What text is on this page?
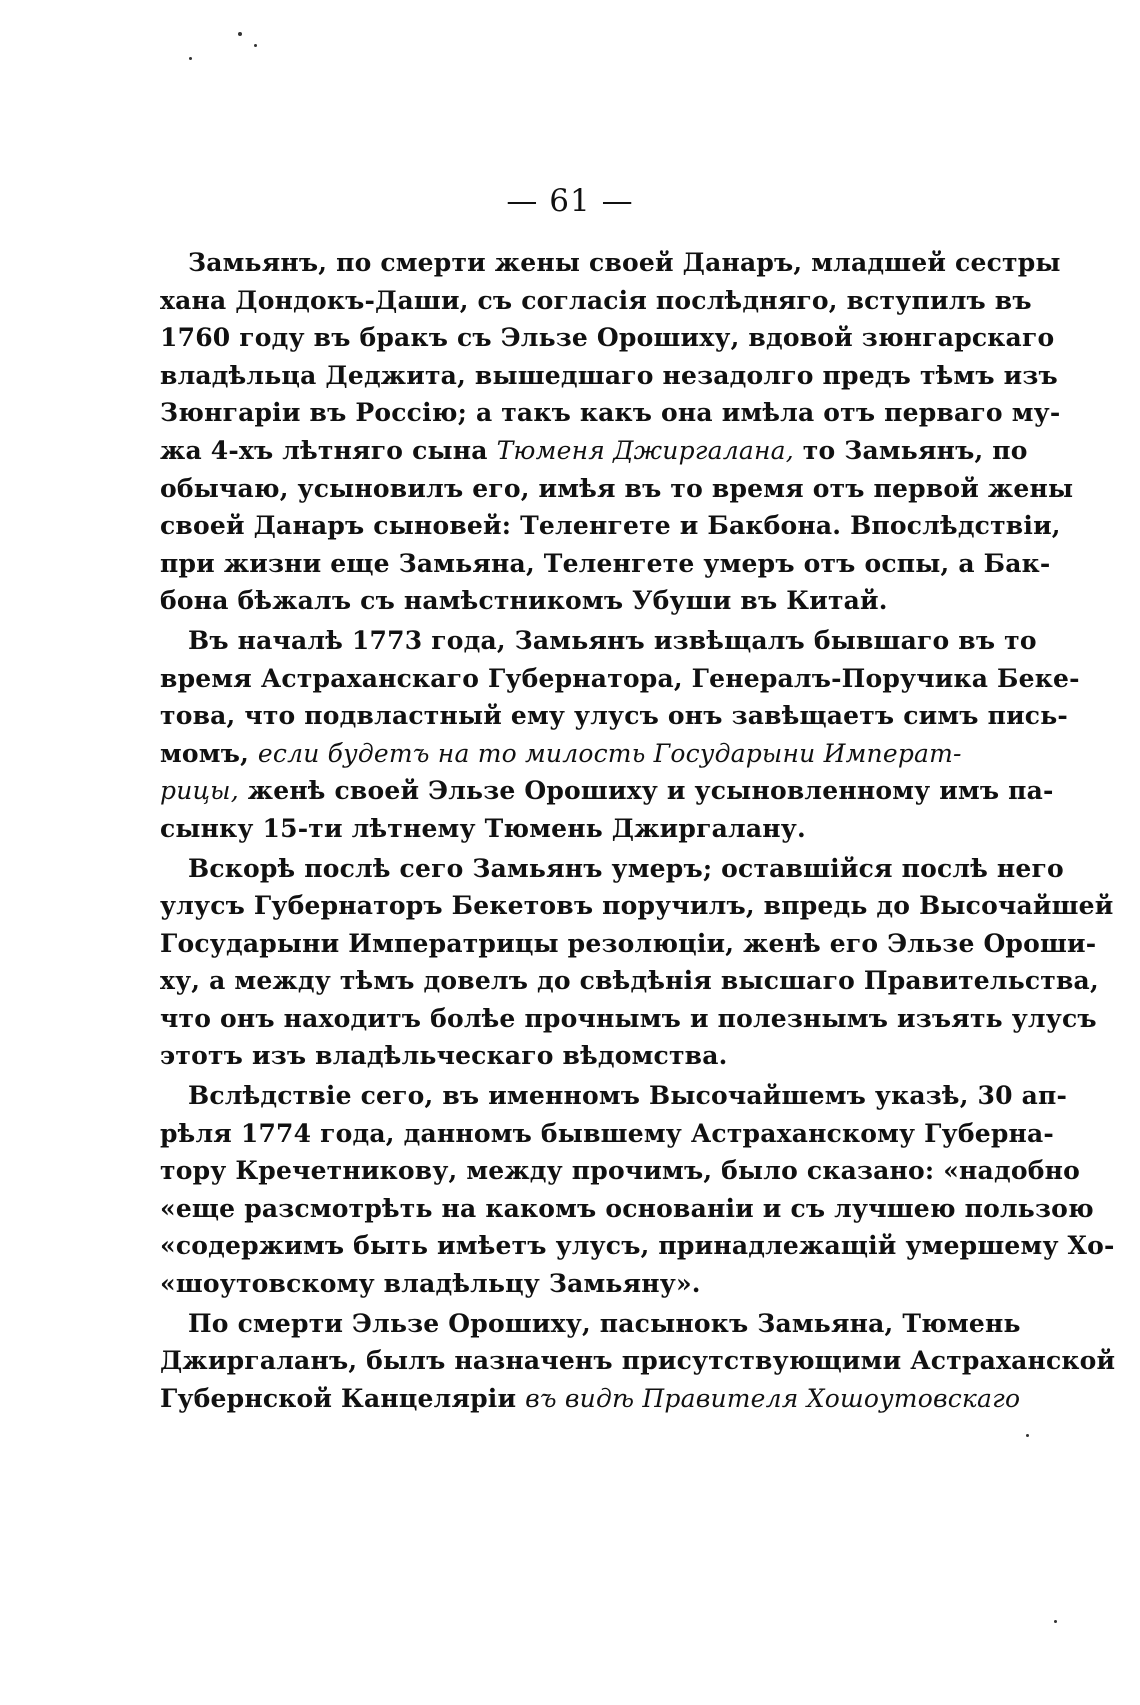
— 61 —
Замьянъ, по смерти жены своей Данаръ, младшей сестры
хана Дондокъ-Даши, съ согласія послѣдняго, вступилъ въ
1760 году въ бракъ съ Эльзе Орошиху, вдовой зюнгарскаго
владѣльца Деджита, вышедшаго незадолго предъ тѣмъ изъ
Зюнгаріи въ Россію; а такъ какъ она имѣла отъ перваго му-
жа 4-хъ лѣтняго сына Тюменя Джиргалана, то Замьянъ, по
обычаю, усыновилъ его, имѣя въ то время отъ первой жены
своей Данаръ сыновей: Теленгете и Бакбона. Впослѣдствіи,
при жизни еще Замьяна, Теленгете умеръ отъ оспы, а Бак-
бона бѣжалъ съ намѣстникомъ Убуши въ Китай.
Въ началѣ 1773 года, Замьянъ извѣщалъ бывшаго въ то
время Астраханскаго Губернатора, Генералъ-Поручика Беке-
това, что подвластный ему улусъ онъ завѣщаетъ симъ пись-
момъ, если будетъ на то милость Государыни Императ-
рицы, женѣ своей Эльзе Орошиху и усыновленному имъ па-
сынку 15-ти лѣтнему Тюмень Джиргалану.
Вскорѣ послѣ сего Замьянъ умеръ; оставшійся послѣ него
улусъ Губернаторъ Бекетовъ поручилъ, впредь до Высочайшей
Государыни Императрицы резолюціи, женѣ его Эльзе Ороши-
ху, а между тѣмъ довелъ до свѣдѣнія высшаго Правительства,
что онъ находитъ болѣе прочнымъ и полезнымъ изъять улусъ
этотъ изъ владѣльческаго вѣдомства.
Вслѣдствіе сего, въ именномъ Высочайшемъ указѣ, 30 ап-
рѣля 1774 года, данномъ бывшему Астраханскому Губерна-
тору Кречетникову, между прочимъ, было сказано: «надобно
«еще разсмотрѣть на какомъ основаніи и съ лучшею пользою
«содержимъ быть имѣетъ улусъ, принадлежащій умершему Хо-
«шоутовскому владѣльцу Замьяну».
По смерти Эльзе Орошиху, пасынокъ Замьяна, Тюмень
Джиргаланъ, былъ назначенъ присутствующими Астраханской
Губернской Канцеляріи въ видѣ Правителя Хошоутовскаго
